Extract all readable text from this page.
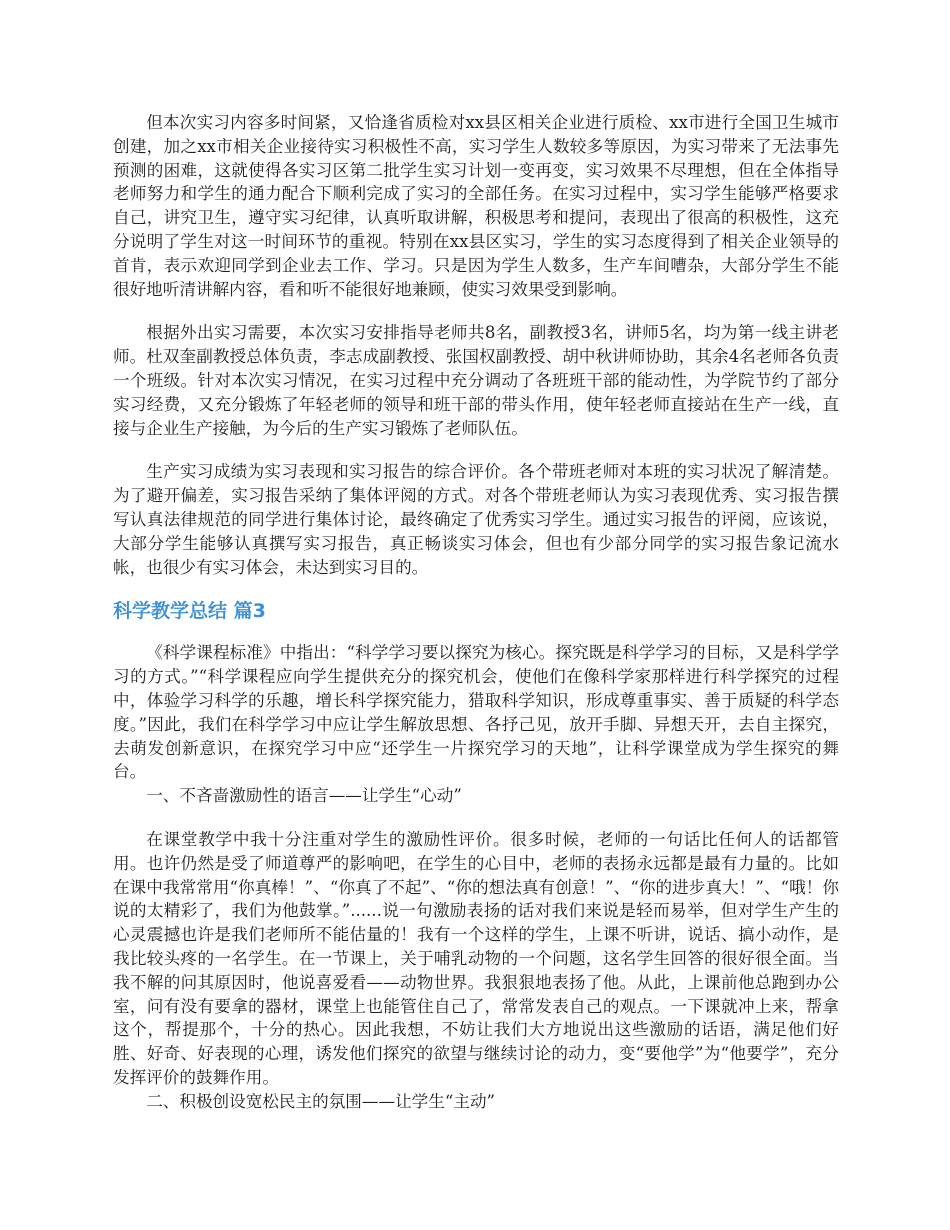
但本次实习内容多时间紧，又恰逢省质检对xx县区相关企业进行质检、xx市进行全国卫生城市创建，加之xx市相关企业接待实习积极性不高，实习学生人数较多等原因，为实习带来了无法事先预测的困难，这就使得各实习区第二批学生实习计划一变再变，实习效果不尽理想，但在全体指导老师努力和学生的通力配合下顺利完成了实习的全部任务。在实习过程中，实习学生能够严格要求自己，讲究卫生，遵守实习纪律，认真听取讲解，积极思考和提问，表现出了很高的积极性，这充分说明了学生对这一时间环节的重视。特别在xx县区实习，学生的实习态度得到了相关企业领导的首肯，表示欢迎同学到企业去工作、学习。只是因为学生人数多，生产车间嘈杂，大部分学生不能很好地听清讲解内容，看和听不能很好地兼顾，使实习效果受到影响。

根据外出实习需要，本次实习安排指导老师共8名，副教授3名，讲师5名，均为第一线主讲老师。杜双奎副教授总体负责，李志成副教授、张国权副教授、胡中秋讲师协助，其余4名老师各负责一个班级。针对本次实习情况，在实习过程中充分调动了各班班干部的能动性，为学院节约了部分实习经费，又充分锻炼了年轻老师的领导和班干部的带头作用，使年轻老师直接站在生产一线，直接与企业生产接触，为今后的生产实习锻炼了老师队伍。

生产实习成绩为实习表现和实习报告的综合评价。各个带班老师对本班的实习状况了解清楚。为了避开偏差，实习报告采纳了集体评阅的方式。对各个带班老师认为实习表现优秀、实习报告撰写认真法律规范的同学进行集体讨论，最终确定了优秀实习学生。通过实习报告的评阅，应该说，大部分学生能够认真撰写实习报告，真正畅谈实习体会，但也有少部分同学的实习报告象记流水帐，也很少有实习体会，未达到实习目的。

科学教学总结 篇3

《科学课程标准》中指出：“科学学习要以探究为核心。探究既是科学学习的目标，又是科学学习的方式。”“科学课程应向学生提供充分的探究机会，使他们在像科学家那样进行科学探究的过程中，体验学习科学的乐趣，增长科学探究能力，猎取科学知识，形成尊重事实、善于质疑的科学态度。”因此，我们在科学学习中应让学生解放思想、各抒己见，放开手脚、异想天开，去自主探究，去萌发创新意识，在探究学习中应“还学生一片探究学习的天地”，让科学课堂成为学生探究的舞台。

一、不吝啬激励性的语言——让学生“心动”

在课堂教学中我十分注重对学生的激励性评价。很多时候，老师的一句话比任何人的话都管用。也许仍然是受了师道尊严的影响吧，在学生的心目中，老师的表扬永远都是最有力量的。比如在课中我常常用“你真棒！”、“你真了不起”、“你的想法真有创意！”、“你的进步真大！”、“哦！你说的太精彩了，我们为他鼓掌。”......说一句激励表扬的话对我们来说是轻而易举，但对学生产生的心灵震撼也许是我们老师所不能估量的！我有一个这样的学生，上课不听讲，说话、搞小动作，是我比较头疼的一名学生。在一节课上，关于哺乳动物的一个问题，这名学生回答的很好很全面。当我不解的问其原因时，他说喜爱看——动物世界。我狠狠地表扬了他。从此，上课前他总跑到办公室，问有没有要拿的器材，课堂上也能管住自己了，常常发表自己的观点。一下课就冲上来，帮拿这个，帮提那个，十分的热心。因此我想，不妨让我们大方地说出这些激励的话语，满足他们好胜、好奇、好表现的心理，诱发他们探究的欲望与继续讨论的动力，变“要他学”为“他要学”，充分发挥评价的鼓舞作用。

二、积极创设宽松民主的氛围——让学生“主动”
